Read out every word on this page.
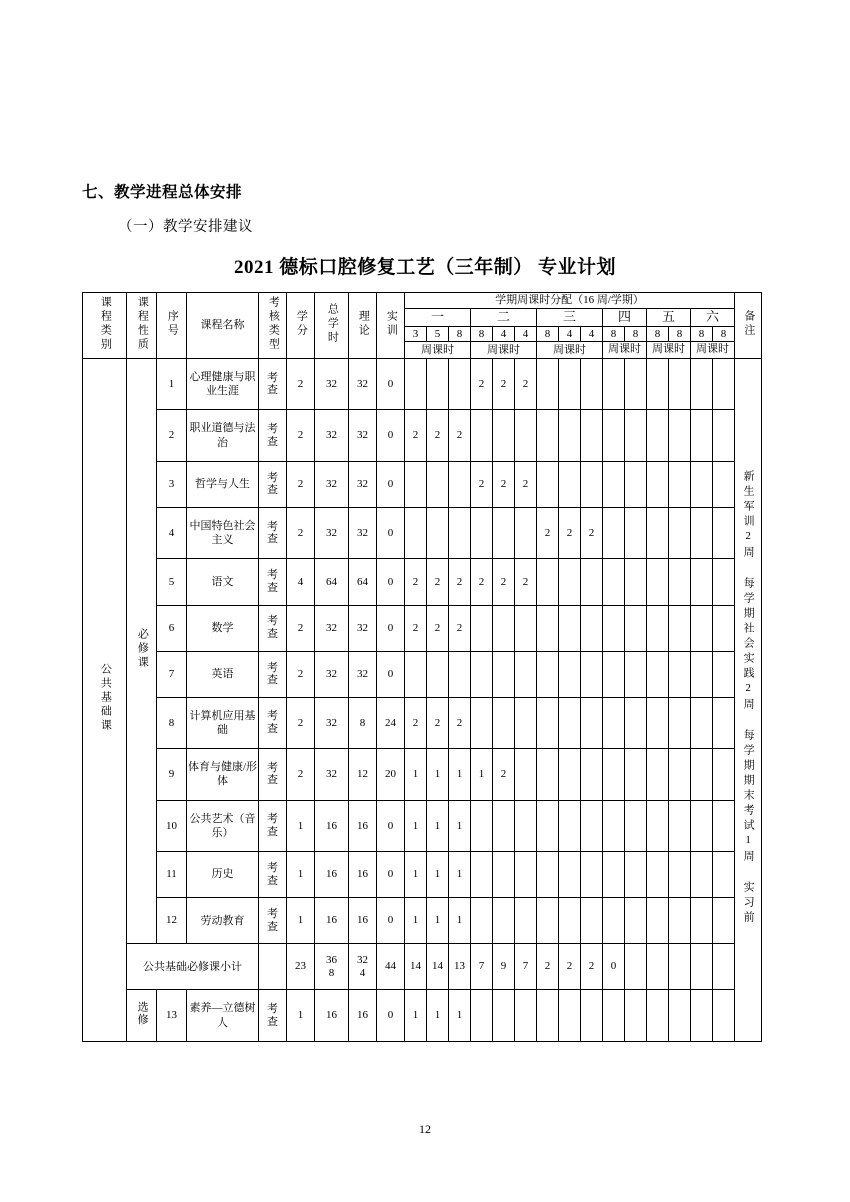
七、教学进程总体安排
（一）教学安排建议
2021 德标口腔修复工艺（三年制） 专业计划
课程类别	课程性质	序号	课程名称	考核类型	学分	总学时	理论	实训	学期周课时分配（16 周/学期）															备注
									一			二			三			四		五		六		
									3	5	8	8	4	4	8	4	4	8	8	8	8	8	8	
									周课时			周课时			周课时			周课时		周课时		周课时		

公共基础课	必修课	1	心理健康与职业生涯	考查	2	32	32	0				2	2	2										新生军训2周 每学期社会实践2周 每学期期末考试1周 实习前
		2	职业道德与法治	考查	2	32	32	0	2	2	2													
		3	哲学与人生	考查	2	32	32	0				2	2	2										
		4	中国特色社会主义	考查	2	32	32	0							2	2	2							
		5	语文	考查	4	64	64	0	2	2	2	2	2	2										
		6	数学	考查	2	32	32	0	2	2	2													
		7	英语	考查	2	32	32	0																
		8	计算机应用基础	考查	2	32	8	24	2	2	2													
		9	体育与健康/形体	考查	2	32	12	20	1	1	1	1	2											
		10	公共艺术（音乐）	考查	1	16	16	0	1	1	1													
		11	历史	考查	1	16	16	0	1	1	1													
		12	劳动教育	考查	1	16	16	0	1	1	1													
	公共基础必修课小计				23	368	324	44	14	14	13	7	9	7	2	2	2	0						
	选修	13	素养—立德树人	考查	1	16	16	0	1	1	1													
12
